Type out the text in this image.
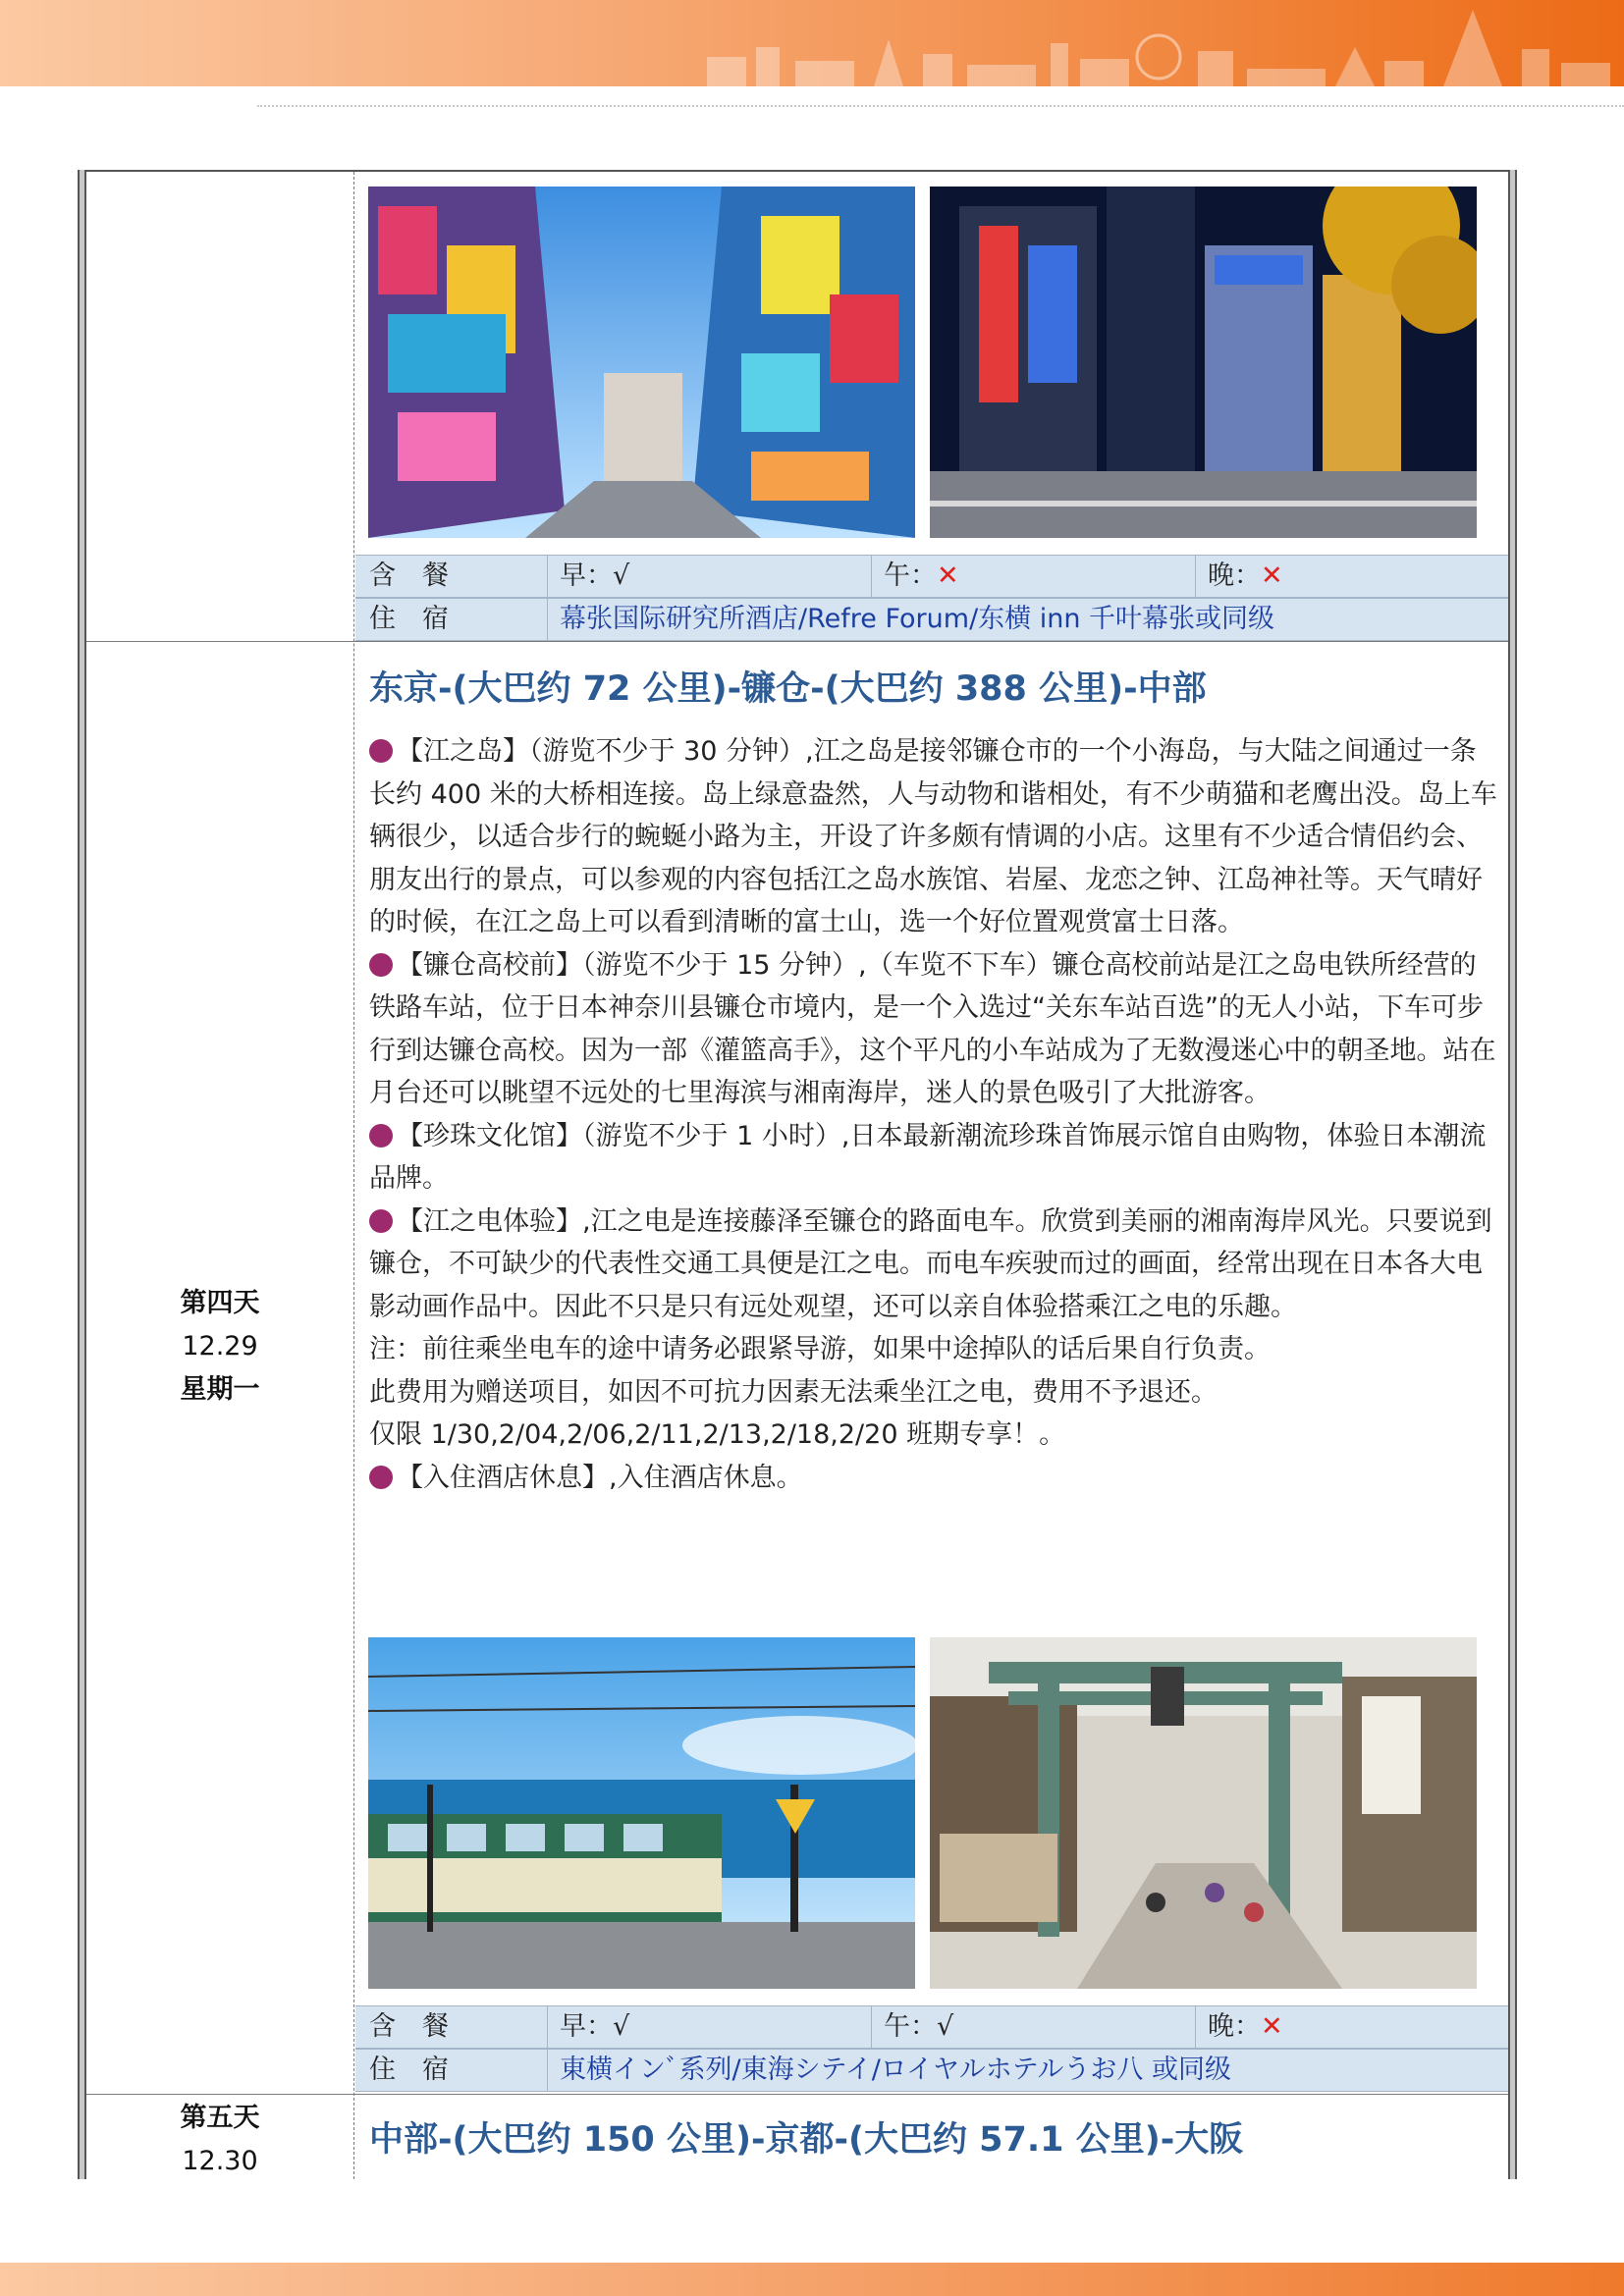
含　餐	早：√	午：✕	晚：✕
住　宿	幕张国际研究所酒店/Refre Forum/东横 inn 千叶幕张或同级
第四天
12.29
星期一
东京-(大巴约 72 公里)-镰仓-(大巴约 388 公里)-中部

【江之岛】（游览不少于 30 分钟）,江之岛是接邻镰仓市的一个小海岛，与大陆之间通过一条长约 400 米的大桥相连接。岛上绿意盎然，人与动物和谐相处，有不少萌猫和老鹰出没。岛上车辆很少，以适合步行的蜿蜒小路为主，开设了许多颇有情调的小店。这里有不少适合情侣约会、朋友出行的景点，可以参观的内容包括江之岛水族馆、岩屋、龙恋之钟、江岛神社等。天气晴好的时候，在江之岛上可以看到清晰的富士山，选一个好位置观赏富士日落。

【镰仓高校前】（游览不少于 15 分钟）,（车览不下车）镰仓高校前站是江之岛电铁所经营的铁路车站，位于日本神奈川县镰仓市境内，是一个入选过“关东车站百选”的无人小站，下车可步行到达镰仓高校。因为一部《灌篮高手》，这个平凡的小车站成为了无数漫迷心中的朝圣地。站在月台还可以眺望不远处的七里海滨与湘南海岸，迷人的景色吸引了大批游客。

【珍珠文化馆】（游览不少于 1 小时）,日本最新潮流珍珠首饰展示馆自由购物，体验日本潮流品牌。

【江之电体验】,江之电是连接藤泽至镰仓的路面电车。欣赏到美丽的湘南海岸风光。只要说到镰仓，不可缺少的代表性交通工具便是江之电。而电车疾驶而过的画面，经常出现在日本各大电影动画作品中。因此不只是只有远处观望，还可以亲自体验搭乘江之电的乐趣。

注：前往乘坐电车的途中请务必跟紧导游，如果中途掉队的话后果自行负责。

此费用为赠送项目，如因不可抗力因素无法乘坐江之电，费用不予退还。

仅限 1/30,2/04,2/06,2/11,2/13,2/18,2/20 班期专享！。

【入住酒店休息】,入住酒店休息。

含　餐	早：√	午：√	晚：✕
住　宿	東横インﾞ系列/東海シテイ/ロイヤルホテルうお八 或同级
第五天
12.30
中部-(大巴约 150 公里)-京都-(大巴约 57.1 公里)-大阪
